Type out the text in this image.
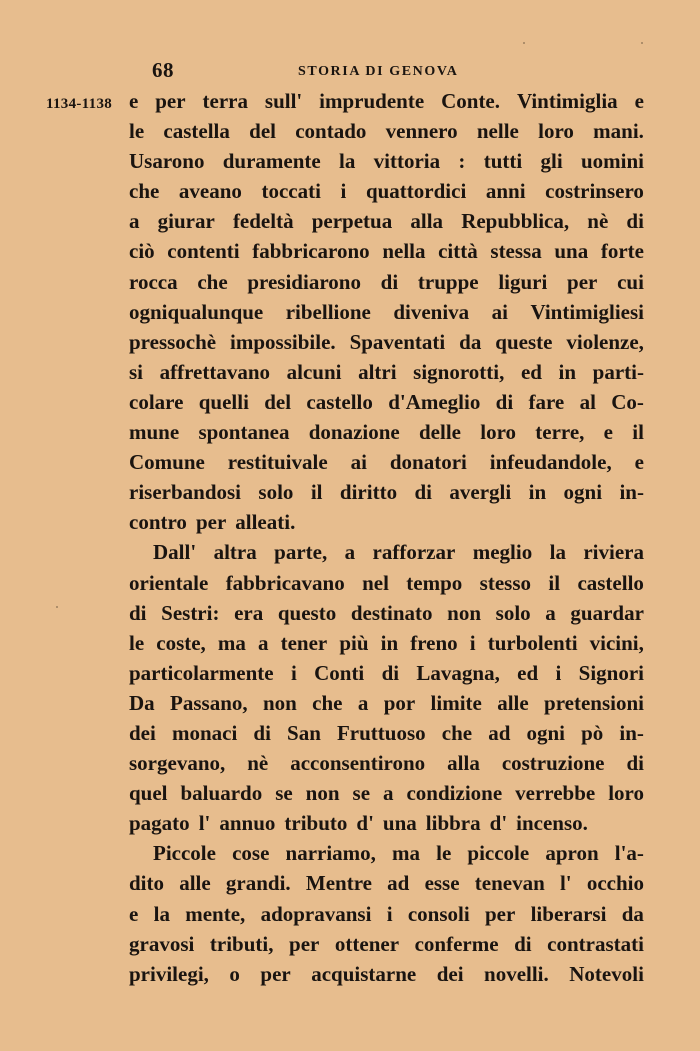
68	STORIA DI GENOVA
1134-1138 e per terra sull' imprudente Conte. Vintimiglia e
le castella del contado vennero nelle loro mani.
Usarono duramente la vittoria : tutti gli uomini
che aveano toccati i quattordici anni costrinsero
a giurar fedeltà perpetua alla Repubblica, nè di
ciò contenti fabbricarono nella città stessa una forte
rocca che presidiarono di truppe liguri per cui
ogniqualunque ribellione diveniva ai Vintimigliesi
pressochè impossibile. Spaventati da queste violenze,
si affrettavano alcuni altri signorotti, ed in parti-
colare quelli del castello d'Ameglio di fare al Co-
mune spontanea donazione delle loro terre, e il
Comune restituivale ai donatori infeudandole, e
riserbandosi solo il diritto di avergli in ogni in-
contro per alleati.
Dall' altra parte, a rafforzar meglio la riviera
orientale fabbricavano nel tempo stesso il castello
di Sestri: era questo destinato non solo a guardar
le coste, ma a tener più in freno i turbolenti vicini,
particolarmente i Conti di Lavagna, ed i Signori
Da Passano, non che a por limite alle pretensioni
dei monaci di San Fruttuoso che ad ogni pò in-
sorgevano, nè acconsentirono alla costruzione di
quel baluardo se non se a condizione verrebbe loro
pagato l' annuo tributo d' una libbra d' incenso.
Piccole cose narriamo, ma le piccole apron l'a-
dito alle grandi. Mentre ad esse tenevan l' occhio
e la mente, adopravansi i consoli per liberarsi da
gravosi tributi, per ottener conferme di contrastati
privilegi, o per acquistarne dei novelli. Notevoli
